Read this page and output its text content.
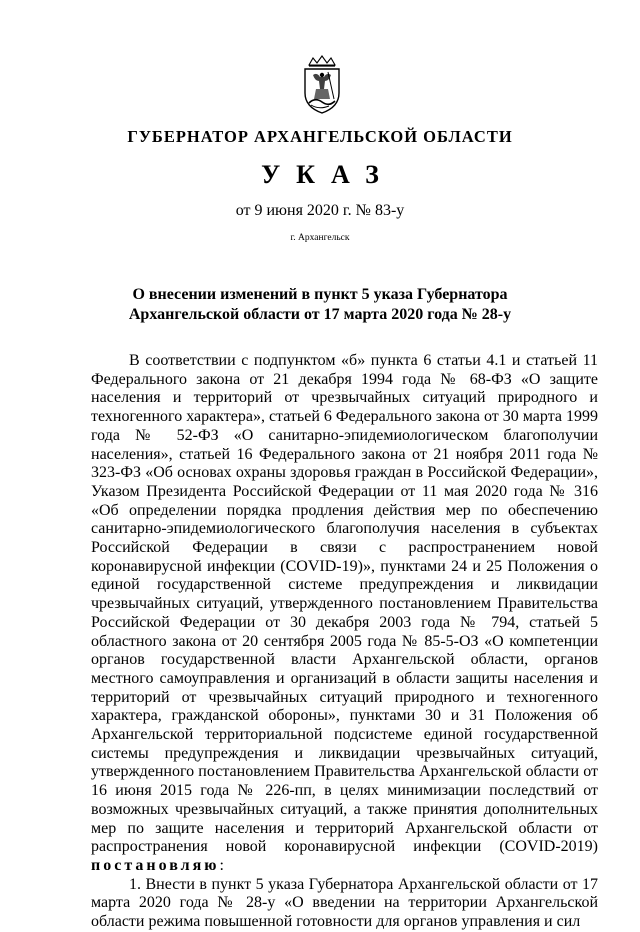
ГУБЕРНАТОР АРХАНГЕЛЬСКОЙ ОБЛАСТИ
УКАЗ
от 9 июня 2020 г. № 83-у
г. Архангельск
О внесении изменений в пункт 5 указа Губернатора
Архангельской области от 17 марта 2020 года № 28-у

В соответствии с подпунктом «б» пункта 6 статьи 4.1 и статьей 11 Федерального закона от 21 декабря 1994 года № 68-ФЗ «О защите населения и территорий от чрезвычайных ситуаций природного и техногенного характера», статьей 6 Федерального закона от 30 марта 1999 года № 52-ФЗ «О санитарно-эпидемиологическом благополучии населения», статьей 16 Федерального закона от 21 ноября 2011 года № 323-ФЗ «Об основах охраны здоровья граждан в Российской Федерации», Указом Президента Российской Федерации от 11 мая 2020 года № 316 «Об определении порядка продления действия мер по обеспечению санитарно-эпидемиологического благополучия населения в субъектах Российской Федерации в связи с распространением новой коронавирусной инфекции (COVID-19)», пунктами 24 и 25 Положения о единой государственной системе предупреждения и ликвидации чрезвычайных ситуаций, утвержденного постановлением Правительства Российской Федерации от 30 декабря 2003 года № 794, статьей 5 областного закона от 20 сентября 2005 года № 85-5-ОЗ «О компетенции органов государственной власти Архангельской области, органов местного самоуправления и организаций в области защиты населения и территорий от чрезвычайных ситуаций природного и техногенного характера, гражданской обороны», пунктами 30 и 31 Положения об Архангельской территориальной подсистеме единой государственной системы предупреждения и ликвидации чрезвычайных ситуаций, утвержденного постановлением Правительства Архангельской области от 16 июня 2015 года № 226-пп, в целях минимизации последствий от возможных чрезвычайных ситуаций, а также принятия дополнительных мер по защите населения и территорий Архангельской области от распространения новой коронавирусной инфекции (COVID-2019) постановляю:

1. Внести в пункт 5 указа Губернатора Архангельской области от 17 марта 2020 года № 28-у «О введении на территории Архангельской области режима повышенной готовности для органов управления и сил
